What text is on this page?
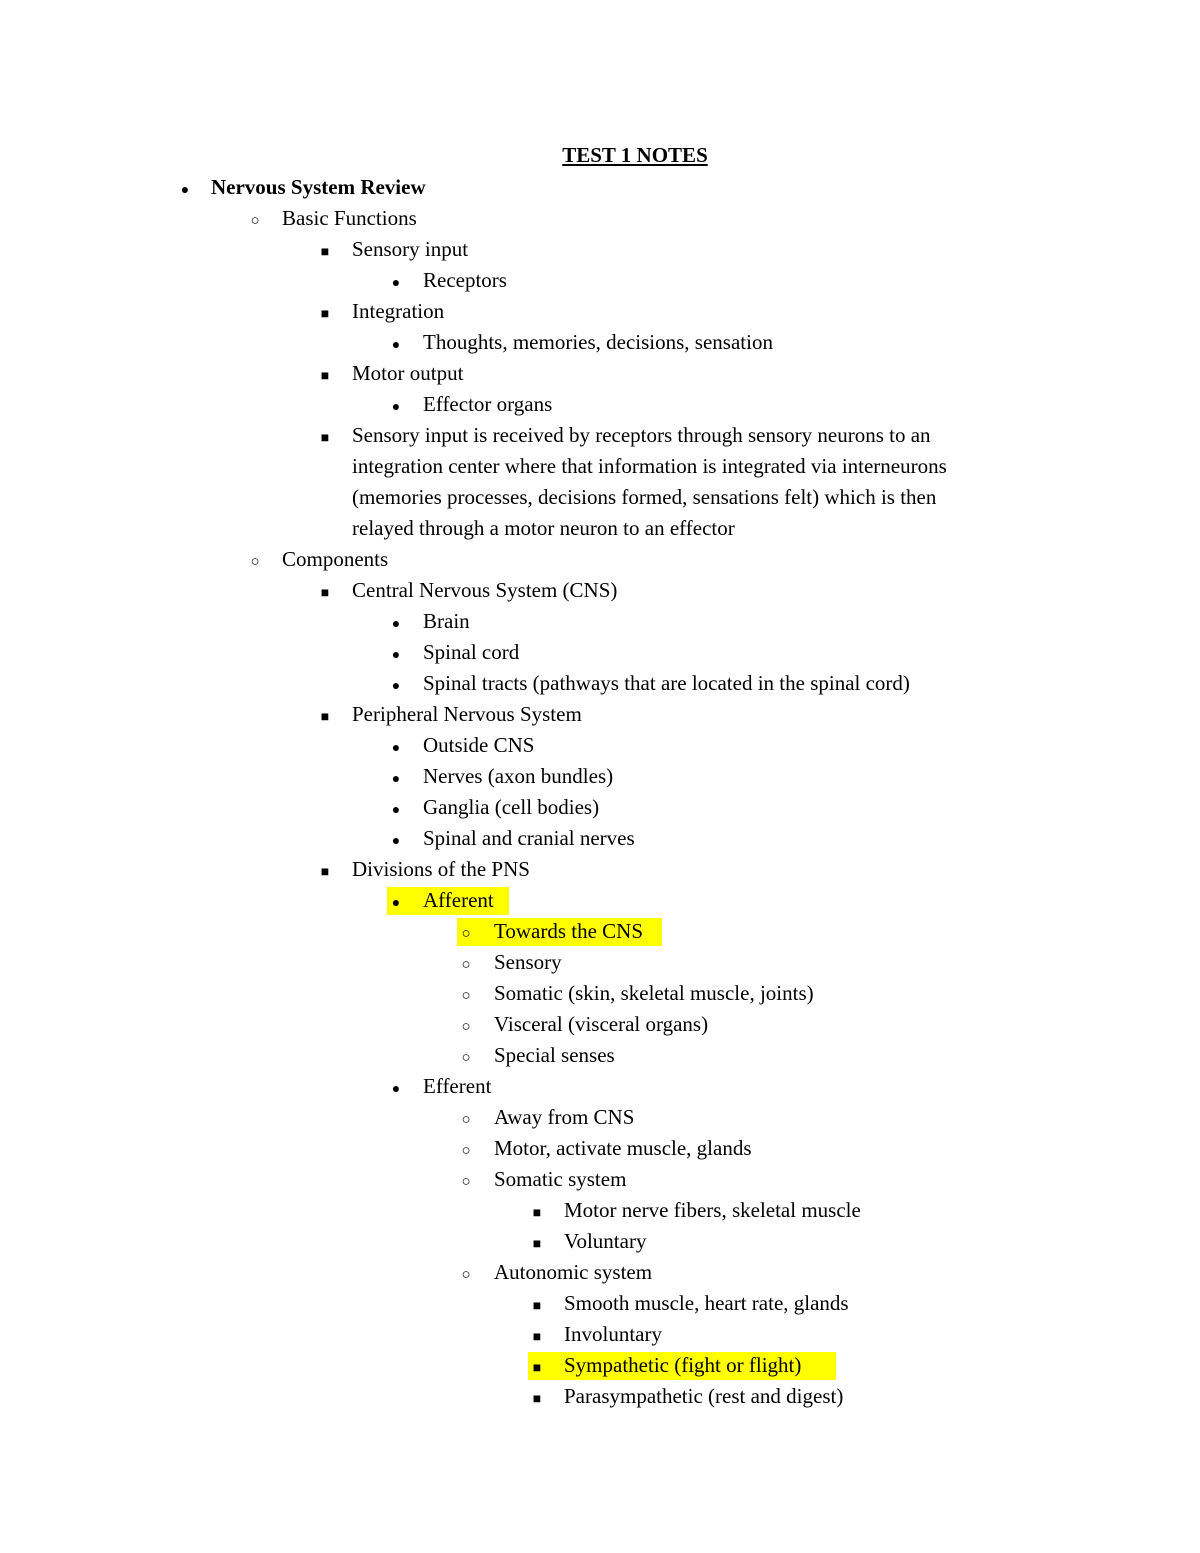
TEST 1 NOTES
●
Nervous System Review
○
Basic Functions
■
Sensory input
●
Receptors
■
Integration
●
Thoughts, memories, decisions, sensation
■
Motor output
●
Effector organs
■
Sensory input is received by receptors through sensory neurons to an
integration center where that information is integrated via interneurons
(memories processes, decisions formed, sensations felt) which is then
relayed through a motor neuron to an effector
○
Components
■
Central Nervous System (CNS)
●
Brain
●
Spinal cord
●
Spinal tracts (pathways that are located in the spinal cord)
■
Peripheral Nervous System
●
Outside CNS
●
Nerves (axon bundles)
●
Ganglia (cell bodies)
●
Spinal and cranial nerves
■
Divisions of the PNS
●
Afferent
○
Towards the CNS
○
Sensory
○
Somatic (skin, skeletal muscle, joints)
○
Visceral (visceral organs)
○
Special senses
●
Efferent
○
Away from CNS
○
Motor, activate muscle, glands
○
Somatic system
■
Motor nerve fibers, skeletal muscle
■
Voluntary
○
Autonomic system
■
Smooth muscle, heart rate, glands
■
Involuntary
■
Sympathetic (fight or flight)
■
Parasympathetic (rest and digest)
